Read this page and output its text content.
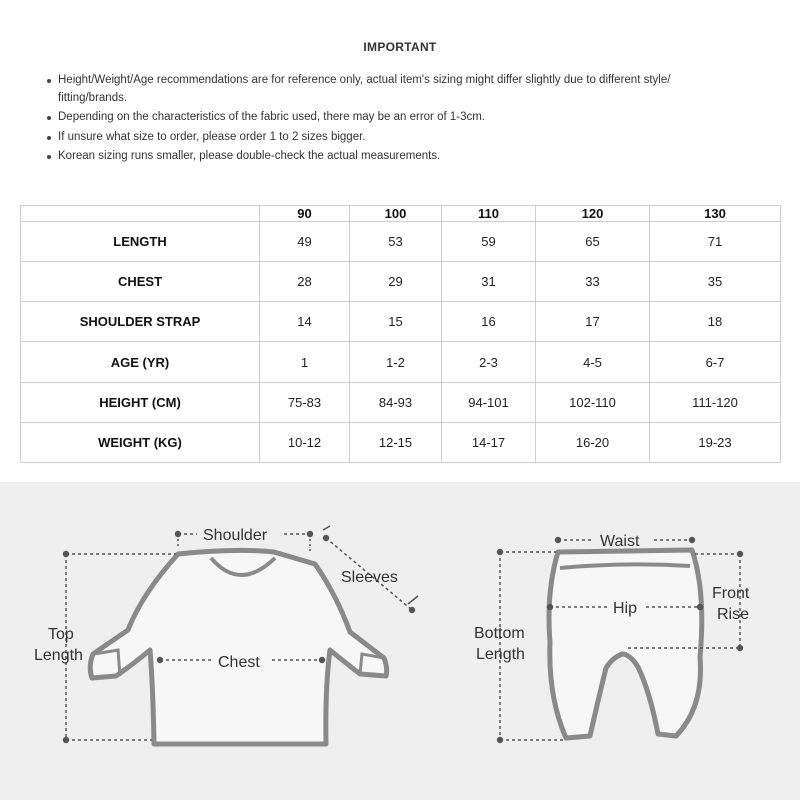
IMPORTANT
Height/Weight/Age recommendations are for reference only, actual item's sizing might differ slightly due to different style/
fitting/brands.
Depending on the characteristics of the fabric used, there may be an error of 1-3cm.
If unsure what size to order, please order 1 to 2 sizes bigger.
Korean sizing runs smaller, please double-check the actual measurements.
	90	100	110	120	130
LENGTH	49	53	59	65	71
CHEST	28	29	31	33	35
SHOULDER STRAP	14	15	16	17	18
AGE (YR)	1	1-2	2-3	4-5	6-7
HEIGHT (CM)	75-83	84-93	94-101	102-110	111-120
WEIGHT (KG)	10-12	12-15	14-17	16-20	19-23
Shoulder
Sleeves
Top
Length	Chest
Waist
Hip
Front
Rise
Bottom
Length
